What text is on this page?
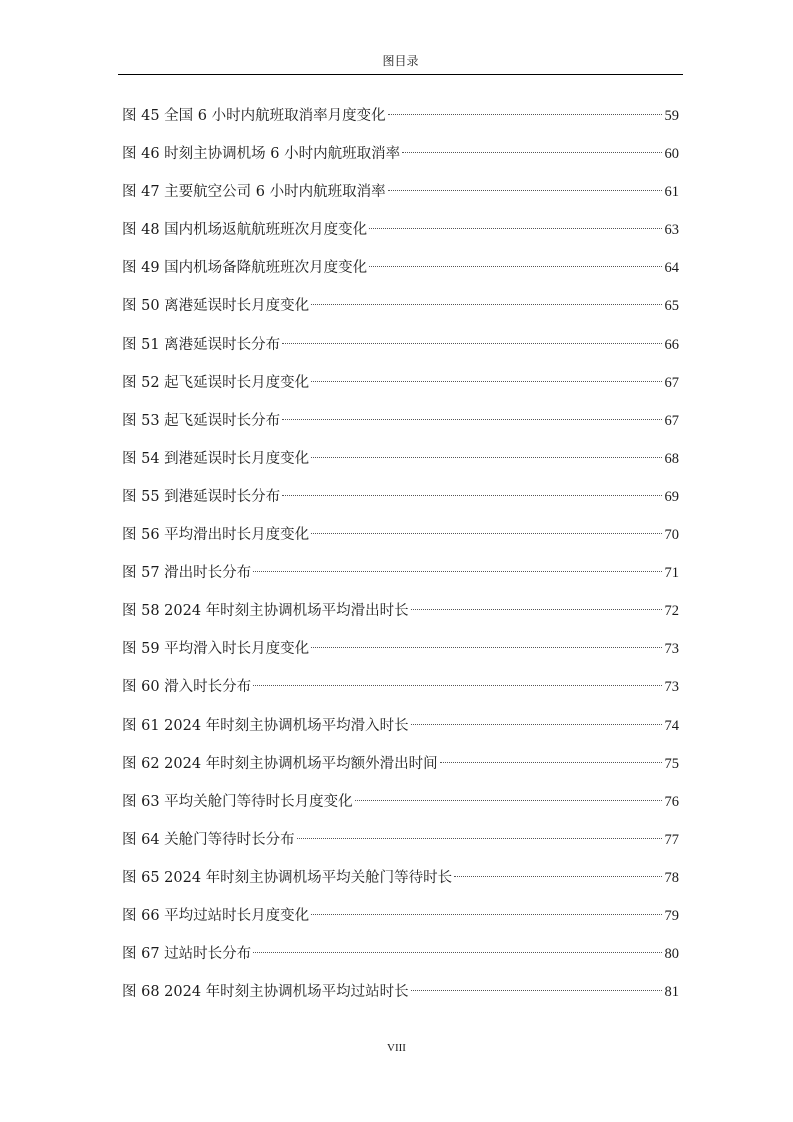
图目录
图 45 全国 6 小时内航班取消率月度变化	59
图 46 时刻主协调机场 6 小时内航班取消率	60
图 47 主要航空公司 6 小时内航班取消率	61
图 48 国内机场返航航班班次月度变化	63
图 49 国内机场备降航班班次月度变化	64
图 50 离港延误时长月度变化	65
图 51 离港延误时长分布	66
图 52 起飞延误时长月度变化	67
图 53 起飞延误时长分布	67
图 54 到港延误时长月度变化	68
图 55 到港延误时长分布	69
图 56 平均滑出时长月度变化	70
图 57 滑出时长分布	71
图 58 2024 年时刻主协调机场平均滑出时长	72
图 59 平均滑入时长月度变化	73
图 60 滑入时长分布	73
图 61 2024 年时刻主协调机场平均滑入时长	74
图 62 2024 年时刻主协调机场平均额外滑出时间	75
图 63 平均关舱门等待时长月度变化	76
图 64 关舱门等待时长分布	77
图 65 2024 年时刻主协调机场平均关舱门等待时长	78
图 66 平均过站时长月度变化	79
图 67 过站时长分布	80
图 68 2024 年时刻主协调机场平均过站时长	81
VIII
